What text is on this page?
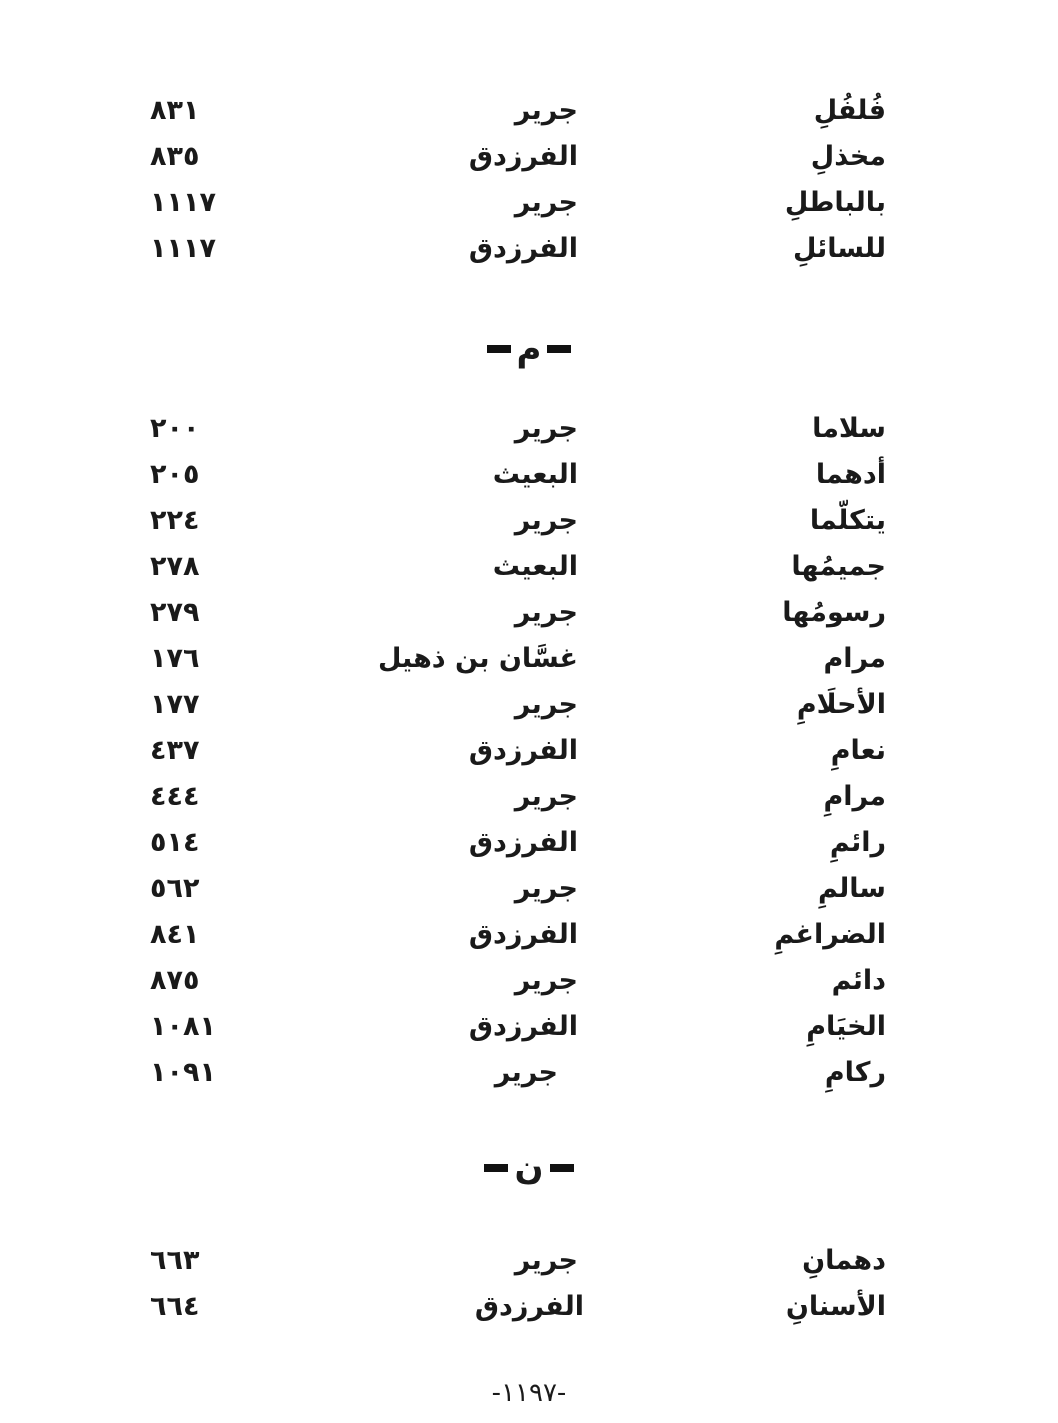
فُلفُلِ
جرير
٨٣١
مخذلِ
الفرزدق
٨٣٥
بالباطلِ
جرير
١١١٧
للسائلِ
الفرزدق
١١١٧
م
سلاما
جرير
٢٠٠
أدهما
البعيث
٢٠٥
يتكلّما
جرير
٢٢٤
جميمُها
البعيث
٢٧٨
رسومُها
جرير
٢٧٩
مرام
غسَّان بن ذهيل
١٧٦
الأحلَامِ
جرير
١٧٧
نعامِ
الفرزدق
٤٣٧
مرامِ
جرير
٤٤٤
رائمِ
الفرزدق
٥١٤
سالمِ
جرير
٥٦٢
الضراغمِ
الفرزدق
٨٤١
دائم
جرير
٨٧٥
الخيَامِ
الفرزدق
١٠٨١
ركامِ
جرير
١٠٩١
ن
دهمانِ
جرير
٦٦٣
الأسنانِ
الفرزدق
٦٦٤
-١١٩٧-
